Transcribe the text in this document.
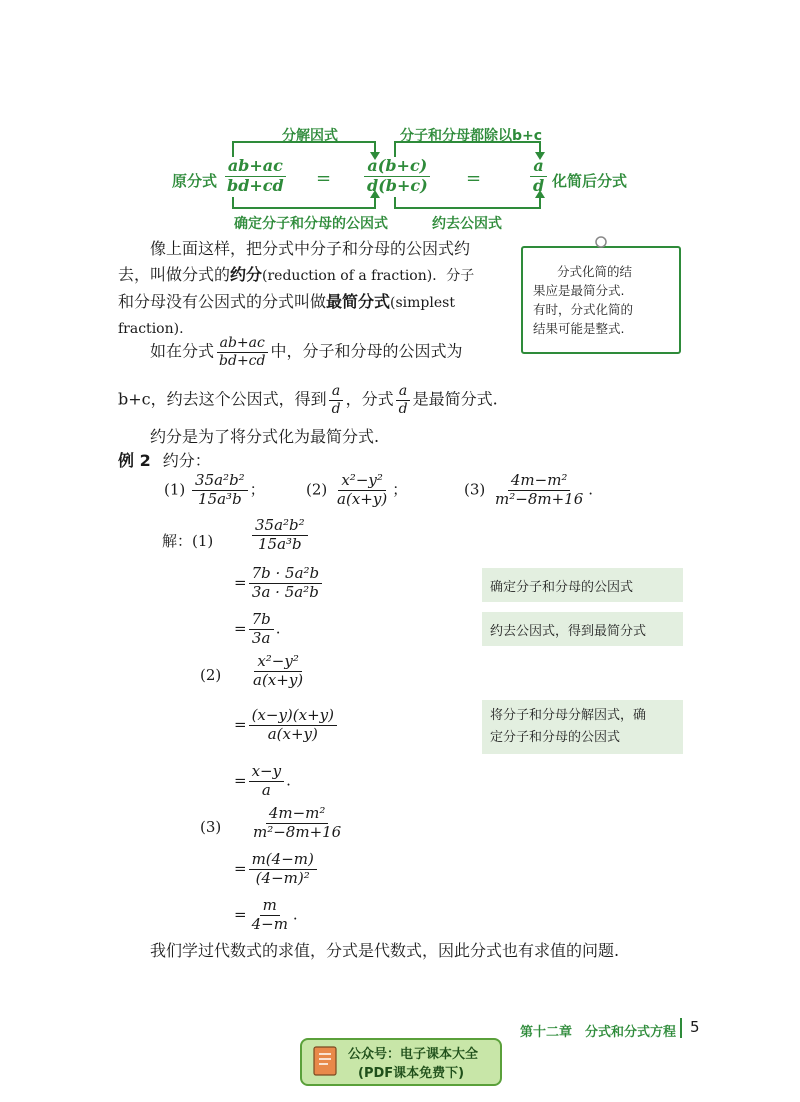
分解因式	分子和分母都除以b+c
确定分子和分母的公因式	约去公因式
原分式	化简后分式
$\frac{ab+ac}{bd+cd} = \frac{a(b+c)}{d(b+c)}$ =	$\frac{a}{d}$
像上面这样，把分式中分子和分母的公因式约
去，叫做分式的约分(reduction of a fraction)．分子
和分母没有公因式的分式叫做最简分式(simplest
fraction).
分式化简的结
果应是最简分式.
有时，分式化简的
结果可能是整式.
如在分式 $\frac{ab+ac}{bd+cd}$ 中，分子和分母的公因式为
b+c，约去这个公因式，得到 $\frac{a}{d}$ ，分式 $\frac{a}{d}$ 是最简分式.
约分是为了将分式化为最简分式.
例 2 约分：
$(1) \frac{\text{35a²b²}}{\text{15a³b}}$ ；	$(2) \frac{\text{x²−y²}}{a(x+y)}$ ；	$(3) \frac{\text{4m−m²}}{\text{m²−8m+16}}$ .
解：(1)	$\frac{\text{35a²b²}}{\text{15a³b}}$
= $\frac{\text{7b · 5a²b}}{\text{3a · 5a²b}}$
= $\frac{7b}{3a}$ .
$(2) \frac{\text{x²−y²}}{a(x+y)}$
= $\frac{(x-y)(x+y)}{a(x+y)}$
= $\frac{x-y}{a}$ .
$(3) \frac{\text{4m−m²}}{\text{m²−8m+16}}$
= $\frac{m(4-m)}{\text{(4−m)²}}$
= $\frac{m}{4-m}$ .
确定分子和分母的公因式
约去公因式，得到最简分式
将分子和分母分解因式，确
定分子和分母的公因式
我们学过代数式的求值，分式是代数式，因此分式也有求值的问题.
第十二章　分式和分式方程 5
公众号：电子课本大全
(PDF课本免费下)
